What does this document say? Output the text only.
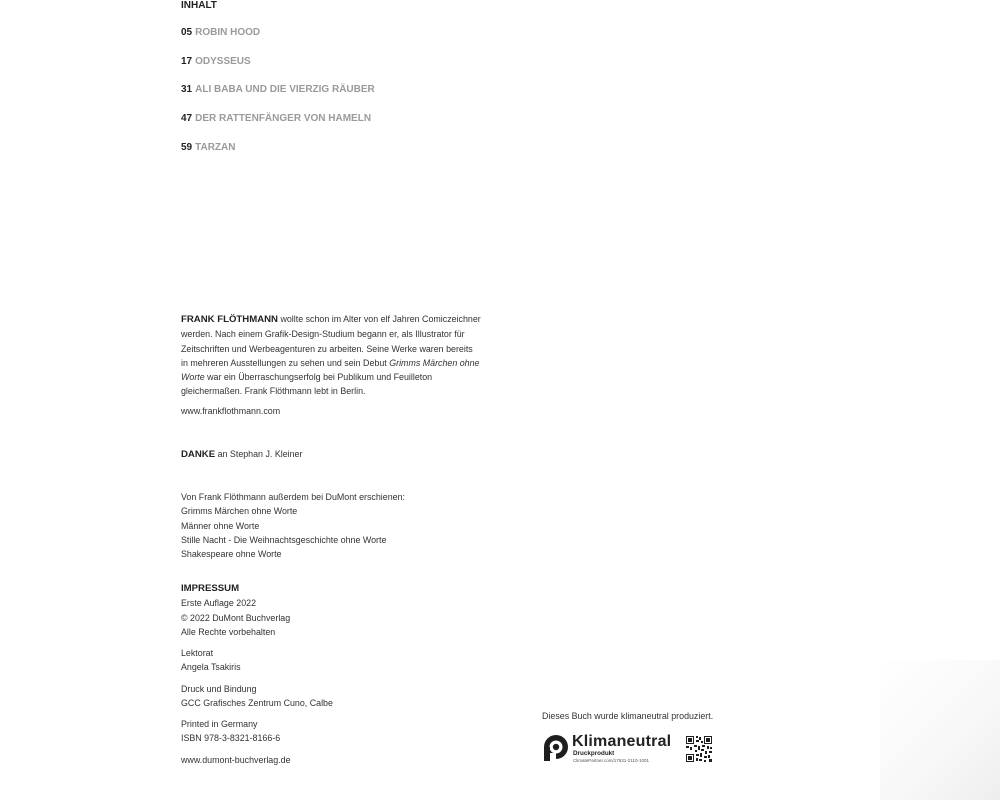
INHALT
05 ROBIN HOOD
17 ODYSSEUS
31 ALI BABA UND DIE VIERZIG RÄUBER
47 DER RATTENFÄNGER VON HAMELN
59 TARZAN
FRANK FLÖTHMANN wollte schon im Alter von elf Jahren Comiczeichner werden. Nach einem Grafik-Design-Studium begann er, als Illustrator für Zeitschriften und Werbeagenturen zu arbeiten. Seine Werke waren bereits in mehreren Ausstellungen zu sehen und sein Debut Grimms Märchen ohne Worte war ein Überraschungserfolg bei Publikum und Feuilleton gleichermaßen. Frank Flöthmann lebt in Berlin.
www.frankflothmann.com
DANKE an Stephan J. Kleiner
Von Frank Flöthmann außerdem bei DuMont erschienen:
Grimms Märchen ohne Worte
Männer ohne Worte
Stille Nacht - Die Weihnachtsgeschichte ohne Worte
Shakespeare ohne Worte
IMPRESSUM
Erste Auflage 2022
© 2022 DuMont Buchverlag
Alle Rechte vorbehalten
Lektorat
Angela Tsakiris
Druck und Bindung
GCC Grafisches Zentrum Cuno, Calbe
Printed in Germany
ISBN 978-3-8321-8166-6
www.dumont-buchverlag.de
Dieses Buch wurde klimaneutral produziert.
Klimaneutral
Druckprodukt
ClimatePartner.com/17531-2110-1001
